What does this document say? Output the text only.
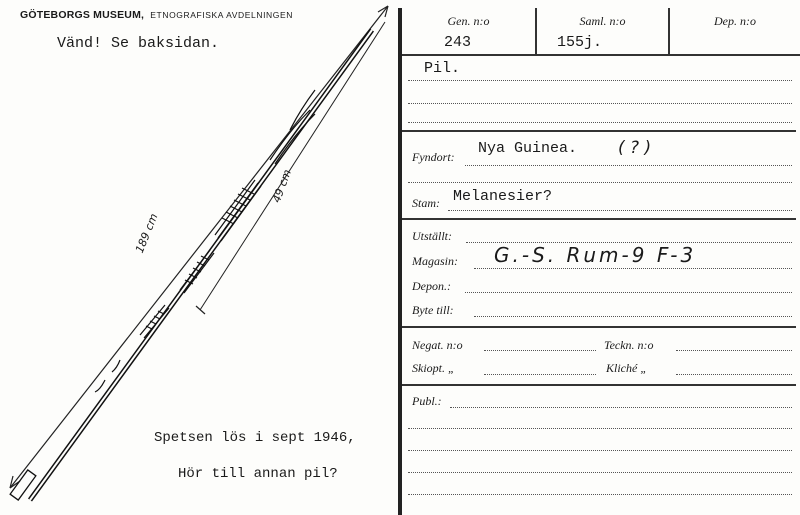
GÖTEBORGS MUSEUM, ETNOGRAFISKA AVDELNINGEN
Vänd! Se baksidan.
189 cm
49 cm
Spetsen lös i sept 1946,
Hör till annan pil?
Gen. n:o
243
Saml. n:o
155j.
Dep. n:o
Pil.
Fyndort: Nya Guinea. ( ? )
Stam: Melanesier?
Utställt:
Magasin: G.-S. Rum-9 F-3
Depon.:
Byte till:
Negat. n:o	Teckn. n:o
Skiopt. „	Kliché „
Publ.:
